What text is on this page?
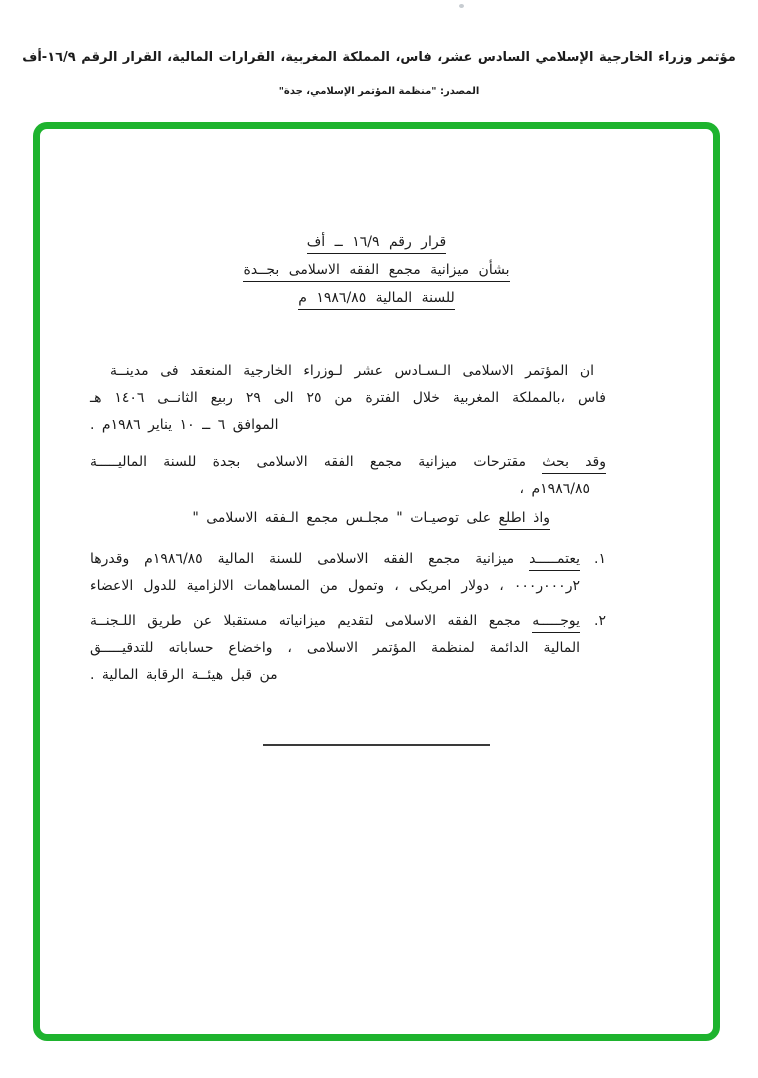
مؤتمر وزراء الخارجية الإسلامي السادس عشر، فاس، المملكة المغربية، القرارات المالية، القرار الرقم ١٦/٩-أف
المصدر: "منظمة المؤتمر الإسلامي، جدة"
قرار رقم ١٦/٩ ــ أف
بشأن ميزانية مجمع الفقه الاسلامى بجــدة
للسنة المالية ١٩٨٦/٨٥ م
ان المؤتمر الاسلامى الـسـادس عشر لـوزراء الخارجية المنعقد فى مدينــة
فاس ،بالمملكة المغربية خلال الفترة من ٢٥ الى ٢٩ ربيع الثانــى ١٤٠٦ هـ
الموافق ٦ ــ ١٠ يناير ١٩٨٦م .
وقد بحث مقترحات ميزانية مجمع الفقه الاسلامى بجدة للسنة الماليـــــة
١٩٨٦/٨٥م ،
واذ اطلع على توصيـات " مجلـس مجمع الـفقه الاسلامى "
١.
يعتمـــــد ميزانية مجمع الفقه الاسلامى للسنة المالية ١٩٨٦/٨٥م وقدرها
٢ر٠٠٠ر٠٠٠ ، دولار امريكى ، وتمول من المساهمات الالزامية للدول الاعضاء
٢.
يوجـــــه مجمع الفقه الاسلامى لتقديم ميزانياته مستقبلا عن طريق اللـجنــة
المالية الدائمة لمنظمة المؤتمر الاسلامى ، واخضاع حساباته للتدقيـــــق
من قبل هيئــة الرقابة المالية .
